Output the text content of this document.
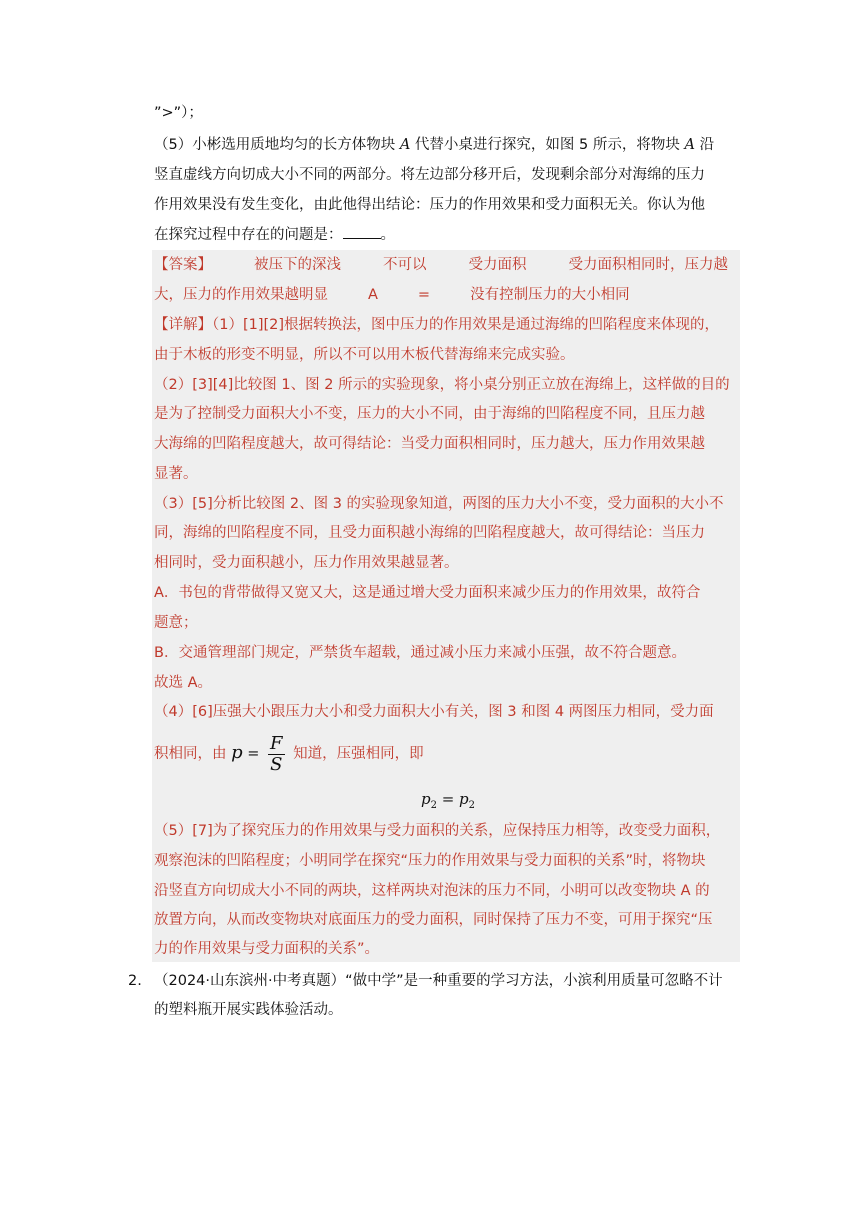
”>”）；
（5）小彬选用质地均匀的长方体物块 A 代替小桌进行探究，如图 5 所示，将物块 A 沿
竖直虚线方向切成大小不同的两部分。将左边部分移开后，发现剩余部分对海绵的压力
作用效果没有发生变化，由此他得出结论：压力的作用效果和受力面积无关。你认为他
在探究过程中存在的问题是：	。
【答案】	被压下的深浅	不可以	受力面积	受力面积相同时，压力越
大，压力的作用效果越明显	A	=	没有控制压力的大小相同
【详解】（1）[1][2]根据转换法，图中压力的作用效果是通过海绵的凹陷程度来体现的，
由于木板的形变不明显，所以不可以用木板代替海绵来完成实验。
（2）[3][4]比较图 1、图 2 所示的实验现象，将小桌分别正立放在海绵上，这样做的目的
是为了控制受力面积大小不变，压力的大小不同，由于海绵的凹陷程度不同，且压力越
大海绵的凹陷程度越大，故可得结论：当受力面积相同时，压力越大，压力作用效果越
显著。
（3）[5]分析比较图 2、图 3 的实验现象知道，两图的压力大小不变，受力面积的大小不
同，海绵的凹陷程度不同，且受力面积越小海绵的凹陷程度越大，故可得结论：当压力
相同时，受力面积越小，压力作用效果越显著。
A．书包的背带做得又宽又大，这是通过增大受力面积来减少压力的作用效果，故符合
题意；
B．交通管理部门规定，严禁货车超载，通过减小压力来减小压强，故不符合题意。
故选 A。
（4）[6]压强大小跟压力大小和受力面积大小有关，图 3 和图 4 两图压力相同，受力面
积相同，由 $p = \frac{F}{S}$ 知道，压强相同，即
$p_2 = p_2$
（5）[7]为了探究压力的作用效果与受力面积的关系，应保持压力相等，改变受力面积，
观察泡沫的凹陷程度；小明同学在探究“压力的作用效果与受力面积的关系”时，将物块
沿竖直方向切成大小不同的两块，这样两块对泡沫的压力不同，小明可以改变物块 A 的
放置方向，从而改变物块对底面压力的受力面积，同时保持了压力不变，可用于探究“压
力的作用效果与受力面积的关系”。
2. （2024·山东滨州·中考真题）“做中学”是一种重要的学习方法，小滨利用质量可忽略不计
的塑料瓶开展实践体验活动。
